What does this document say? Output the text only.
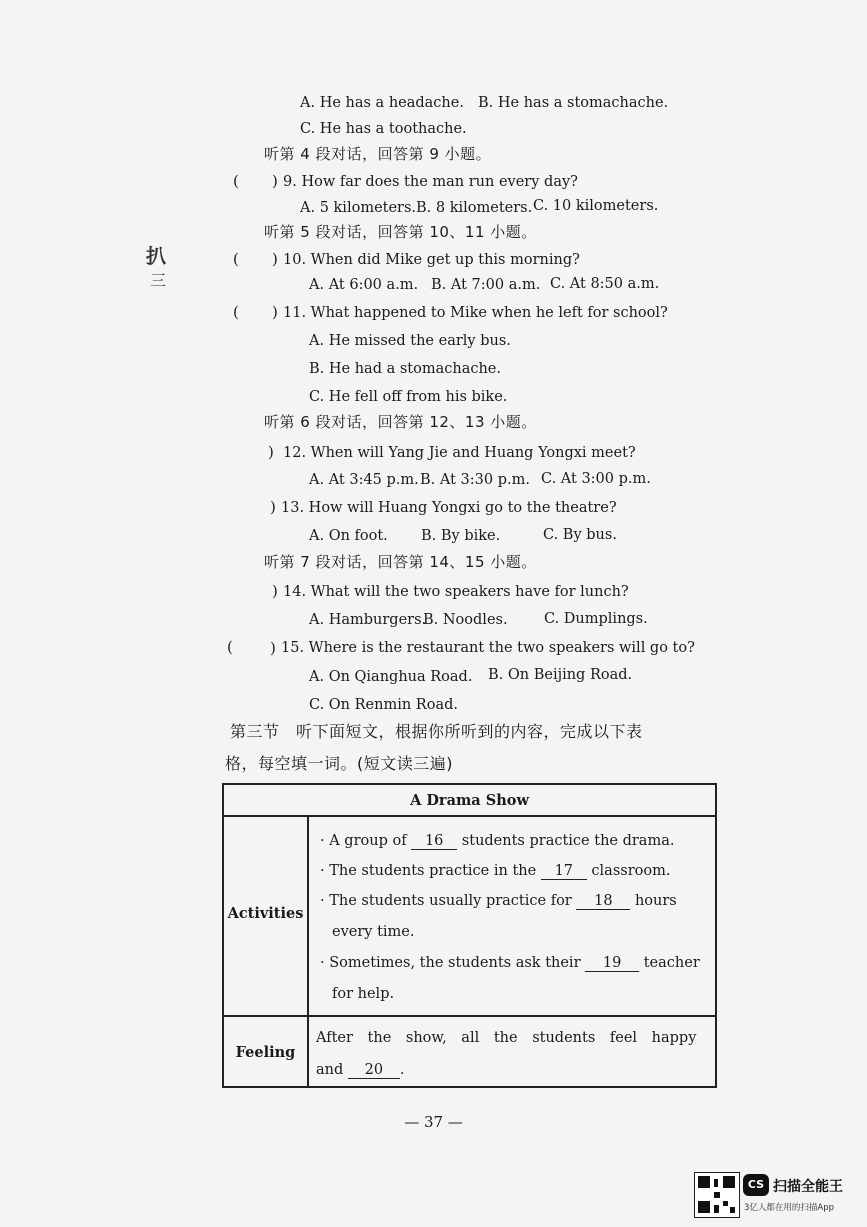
A. He has a headache. B. He has a stomachache.
C. He has a toothache.
听第 4 段对话，回答第 9 小题。
( ) 9. How far does the man run every day?
A. 5 kilometers. B. 8 kilometers. C. 10 kilometers.
听第 5 段对话，回答第 10、11 小题。
扒
三
( ) 10. When did Mike get up this morning?
A. At 6:00 a.m. B. At 7:00 a.m. C. At 8:50 a.m.
( ) 11. What happened to Mike when he left for school?
A. He missed the early bus.
B. He had a stomachache.
C. He fell off from his bike.
听第 6 段对话，回答第 12、13 小题。
) 12. When will Yang Jie and Huang Yongxi meet?
A. At 3:45 p.m. B. At 3:30 p.m. C. At 3:00 p.m.
) 13. How will Huang Yongxi go to the theatre?
A. On foot. B. By bike.	C. By bus.
听第 7 段对话，回答第 14、15 小题。
) 14. What will the two speakers have for lunch?
A. Hamburgers.
B. Noodles.	C. Dumplings.
( ) 15. Where is the restaurant the two speakers will go to?
A. On Qianghua Road. B. On Beijing Road.
C. On Renmin Road.
第三节　听下面短文，根据你所听到的内容，完成以下表
格，每空填一词。(短文读三遍)
A Drama Show
Activities
Feeling
· A group of 16 students practice the drama.
· The students practice in the 17 classroom.
· The students usually practice for 18 hours
every time.
· Sometimes, the students ask their 19 teacher
for help.
After the show, all the students feel happy
and 20 .
— 37 —
CS 扫描全能王
3亿人都在用的扫描App
